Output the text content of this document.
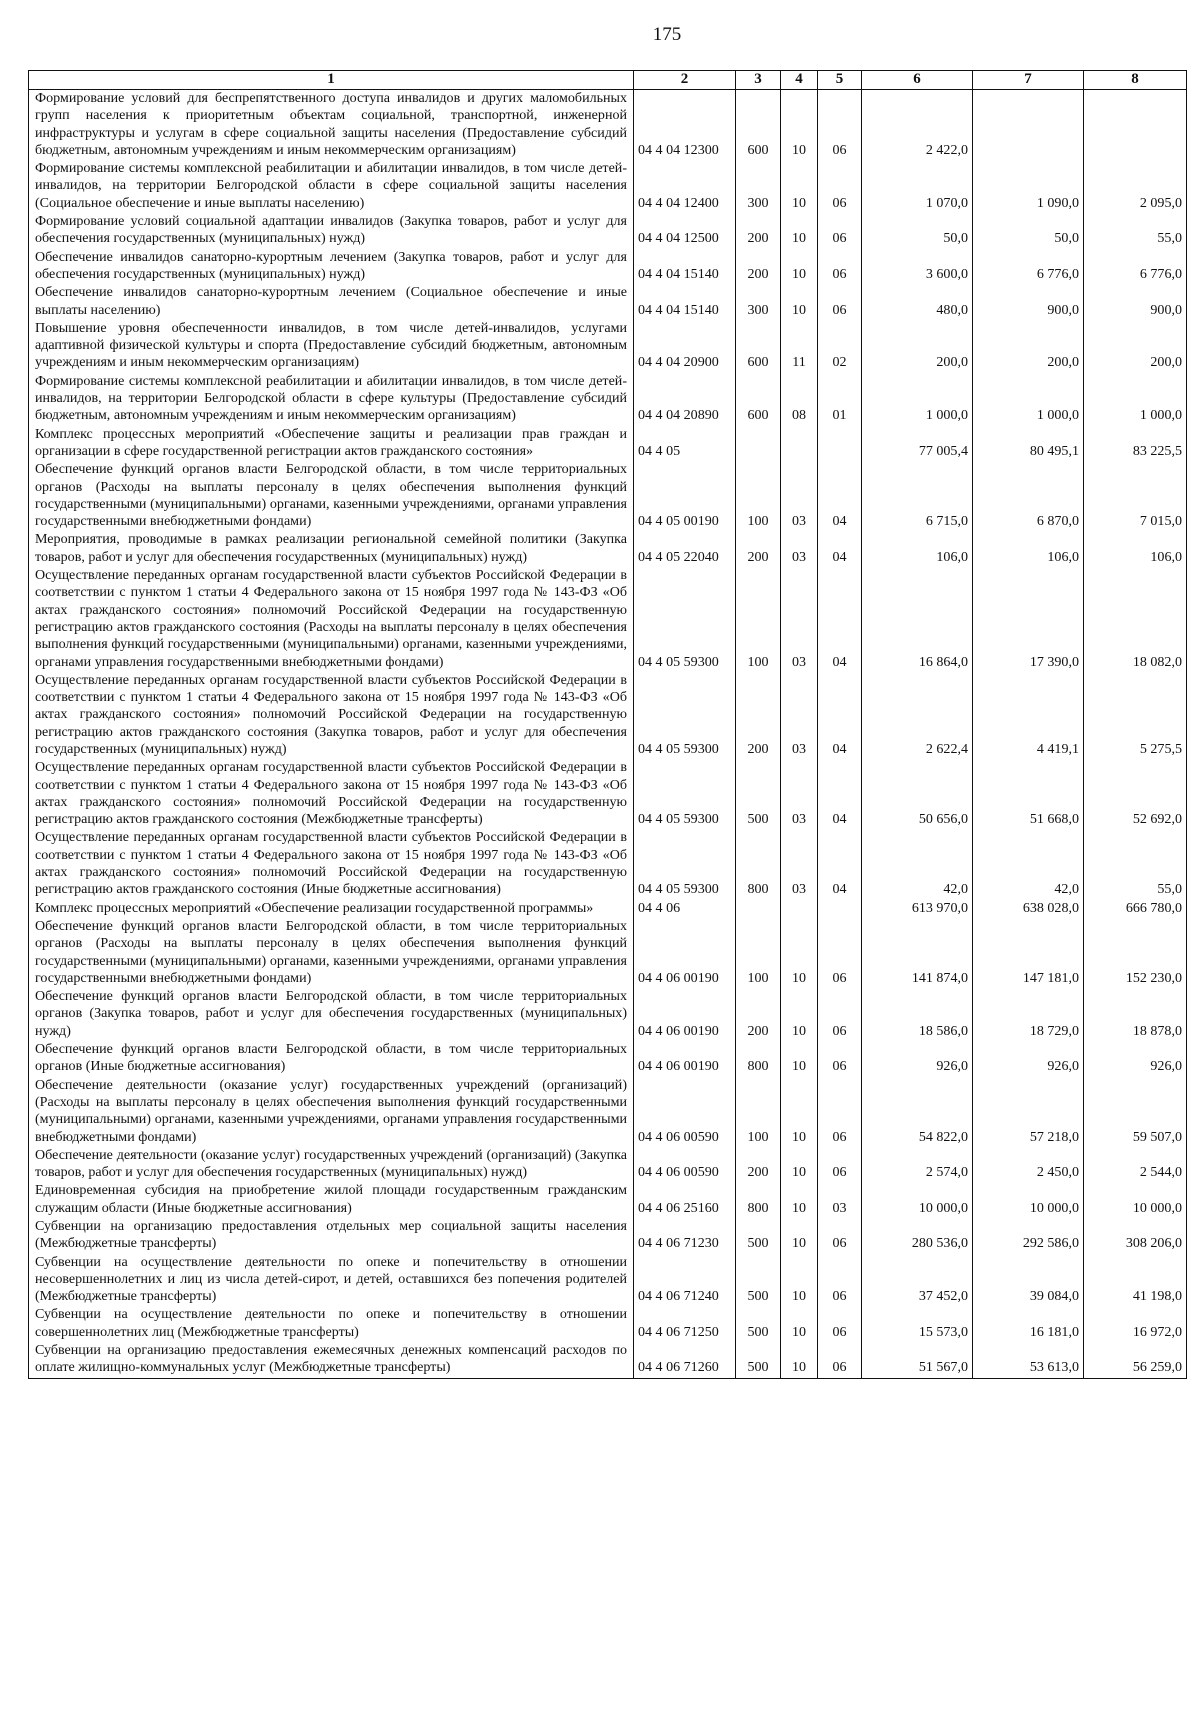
175
1	2	3	4	5	6	7	8
Формирование условий для беспрепятственного доступа инвалидов и других маломобильных групп населения к приоритетным объектам социальной, транспортной, инженерной инфраструктуры и услугам в сфере социальной защиты населения (Предоставление субсидий бюджетным, автономным учреждениям и иным некоммерческим организациям)	04 4 04 12300	600	10	06	2 422,0		
Формирование системы комплексной реабилитации и абилитации инвалидов, в том числе детей-инвалидов, на территории Белгородской области в сфере социальной защиты населения (Социальное обеспечение и иные выплаты населению)	04 4 04 12400	300	10	06	1 070,0	1 090,0	2 095,0
Формирование условий социальной адаптации инвалидов (Закупка товаров, работ и услуг для обеспечения государственных (муниципальных) нужд)	04 4 04 12500	200	10	06	50,0	50,0	55,0
Обеспечение инвалидов санаторно-курортным лечением (Закупка товаров, работ и услуг для обеспечения государственных (муниципальных) нужд)	04 4 04 15140	200	10	06	3 600,0	6 776,0	6 776,0
Обеспечение инвалидов санаторно-курортным лечением (Социальное обеспечение и иные выплаты населению)	04 4 04 15140	300	10	06	480,0	900,0	900,0
Повышение уровня обеспеченности инвалидов, в том числе детей-инвалидов, услугами адаптивной физической культуры и спорта (Предоставление субсидий бюджетным, автономным учреждениям и иным некоммерческим организациям)	04 4 04 20900	600	11	02	200,0	200,0	200,0
Формирование системы комплексной реабилитации и абилитации инвалидов, в том числе детей-инвалидов, на территории Белгородской области в сфере культуры (Предоставление субсидий бюджетным, автономным учреждениям и иным некоммерческим организациям)	04 4 04 20890	600	08	01	1 000,0	1 000,0	1 000,0
Комплекс процессных мероприятий «Обеспечение защиты и реализации прав граждан и организации в сфере государственной регистрации актов гражданского состояния»	04 4 05				77 005,4	80 495,1	83 225,5
Обеспечение функций органов власти Белгородской области, в том числе территориальных органов (Расходы на выплаты персоналу в целях обеспечения выполнения функций государственными (муниципальными) органами, казенными учреждениями, органами управления государственными внебюджетными фондами)	04 4 05 00190	100	03	04	6 715,0	6 870,0	7 015,0
Мероприятия, проводимые в рамках реализации региональной семейной политики (Закупка товаров, работ и услуг для обеспечения государственных (муниципальных) нужд)	04 4 05 22040	200	03	04	106,0	106,0	106,0
Осуществление переданных органам государственной власти субъектов Российской Федерации в соответствии с пунктом 1 статьи 4 Федерального закона от 15 ноября 1997 года № 143-ФЗ «Об актах гражданского состояния» полномочий Российской Федерации на государственную регистрацию актов гражданского состояния (Расходы на выплаты персоналу в целях обеспечения выполнения функций государственными (муниципальными) органами, казенными учреждениями, органами управления государственными внебюджетными фондами)	04 4 05 59300	100	03	04	16 864,0	17 390,0	18 082,0
Осуществление переданных органам государственной власти субъектов Российской Федерации в соответствии с пунктом 1 статьи 4 Федерального закона от 15 ноября 1997 года № 143-ФЗ «Об актах гражданского состояния» полномочий Российской Федерации на государственную регистрацию актов гражданского состояния (Закупка товаров, работ и услуг для обеспечения государственных (муниципальных) нужд)	04 4 05 59300	200	03	04	2 622,4	4 419,1	5 275,5
Осуществление переданных органам государственной власти субъектов Российской Федерации в соответствии с пунктом 1 статьи 4 Федерального закона от 15 ноября 1997 года № 143-ФЗ «Об актах гражданского состояния» полномочий Российской Федерации на государственную регистрацию актов гражданского состояния (Межбюджетные трансферты)	04 4 05 59300	500	03	04	50 656,0	51 668,0	52 692,0
Осуществление переданных органам государственной власти субъектов Российской Федерации в соответствии с пунктом 1 статьи 4 Федерального закона от 15 ноября 1997 года № 143-ФЗ «Об актах гражданского состояния» полномочий Российской Федерации на государственную регистрацию актов гражданского состояния (Иные бюджетные ассигнования)	04 4 05 59300	800	03	04	42,0	42,0	55,0
Комплекс процессных мероприятий «Обеспечение реализации государственной программы»	04 4 06				613 970,0	638 028,0	666 780,0
Обеспечение функций органов власти Белгородской области, в том числе территориальных органов (Расходы на выплаты персоналу в целях обеспечения выполнения функций государственными (муниципальными) органами, казенными учреждениями, органами управления государственными внебюджетными фондами)	04 4 06 00190	100	10	06	141 874,0	147 181,0	152 230,0
Обеспечение функций органов власти Белгородской области, в том числе территориальных органов (Закупка товаров, работ и услуг для обеспечения государственных (муниципальных) нужд)	04 4 06 00190	200	10	06	18 586,0	18 729,0	18 878,0
Обеспечение функций органов власти Белгородской области, в том числе территориальных органов (Иные бюджетные ассигнования)	04 4 06 00190	800	10	06	926,0	926,0	926,0
Обеспечение деятельности (оказание услуг) государственных учреждений (организаций) (Расходы на выплаты персоналу в целях обеспечения выполнения функций государственными (муниципальными) органами, казенными учреждениями, органами управления государственными внебюджетными фондами)	04 4 06 00590	100	10	06	54 822,0	57 218,0	59 507,0
Обеспечение деятельности (оказание услуг) государственных учреждений (организаций) (Закупка товаров, работ и услуг для обеспечения государственных (муниципальных) нужд)	04 4 06 00590	200	10	06	2 574,0	2 450,0	2 544,0
Единовременная субсидия на приобретение жилой площади государственным гражданским служащим области (Иные бюджетные ассигнования)	04 4 06 25160	800	10	03	10 000,0	10 000,0	10 000,0
Субвенции на организацию предоставления отдельных мер социальной защиты населения (Межбюджетные трансферты)	04 4 06 71230	500	10	06	280 536,0	292 586,0	308 206,0
Субвенции на осуществление деятельности по опеке и попечительству в отношении несовершеннолетних и лиц из числа детей-сирот, и детей, оставшихся без попечения родителей (Межбюджетные трансферты)	04 4 06 71240	500	10	06	37 452,0	39 084,0	41 198,0
Субвенции на осуществление деятельности по опеке и попечительству в отношении совершеннолетних лиц (Межбюджетные трансферты)	04 4 06 71250	500	10	06	15 573,0	16 181,0	16 972,0
Субвенции на организацию предоставления ежемесячных денежных компенсаций расходов по оплате жилищно-коммунальных услуг (Межбюджетные трансферты)	04 4 06 71260	500	10	06	51 567,0	53 613,0	56 259,0
